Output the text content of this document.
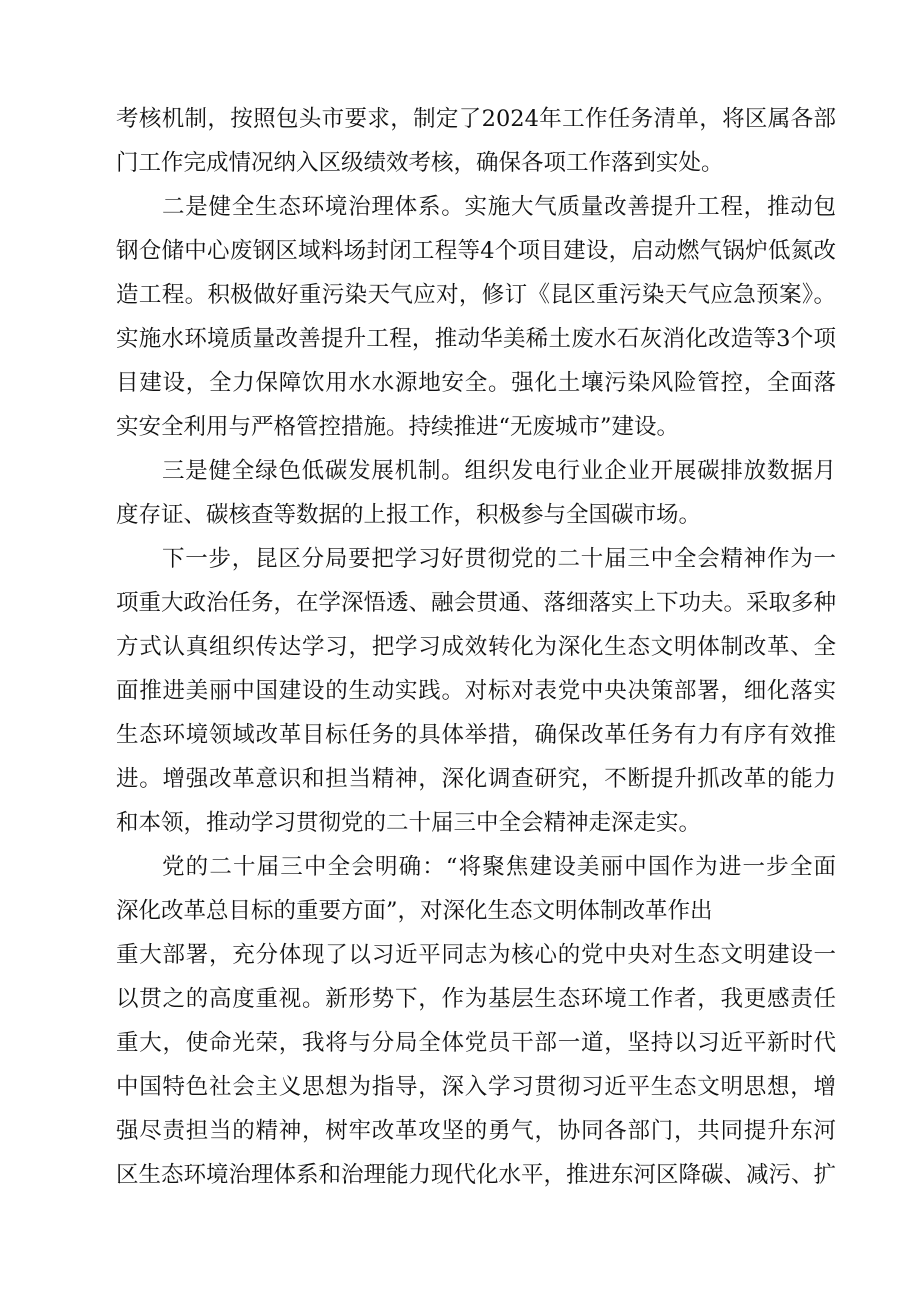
考核机制，按照包头市要求，制定了2024年工作任务清单，将区属各部
门工作完成情况纳入区级绩效考核，确保各项工作落到实处。
二是健全生态环境治理体系。实施大气质量改善提升工程，推动包
钢仓储中心废钢区域料场封闭工程等4个项目建设，启动燃气锅炉低氮改
造工程。积极做好重污染天气应对，修订《昆区重污染天气应急预案》。
实施水环境质量改善提升工程，推动华美稀土废水石灰消化改造等3个项
目建设，全力保障饮用水水源地安全。强化土壤污染风险管控，全面落
实安全利用与严格管控措施。持续推进“无废城市”建设。
三是健全绿色低碳发展机制。组织发电行业企业开展碳排放数据月
度存证、碳核查等数据的上报工作，积极参与全国碳市场。
下一步，昆区分局要把学习好贯彻党的二十届三中全会精神作为一
项重大政治任务，在学深悟透、融会贯通、落细落实上下功夫。采取多种
方式认真组织传达学习，把学习成效转化为深化生态文明体制改革、全
面推进美丽中国建设的生动实践。对标对表党中央决策部署，细化落实
生态环境领域改革目标任务的具体举措，确保改革任务有力有序有效推
进。增强改革意识和担当精神，深化调查研究，不断提升抓改革的能力
和本领，推动学习贯彻党的二十届三中全会精神走深走实。
党的二十届三中全会明确：“将聚焦建设美丽中国作为进一步全面
深化改革总目标的重要方面”，对深化生态文明体制改革作出
重大部署，充分体现了以习近平同志为核心的党中央对生态文明建设一
以贯之的高度重视。新形势下，作为基层生态环境工作者，我更感责任
重大，使命光荣，我将与分局全体党员干部一道，坚持以习近平新时代
中国特色社会主义思想为指导，深入学习贯彻习近平生态文明思想，增
强尽责担当的精神，树牢改革攻坚的勇气，协同各部门，共同提升东河
区生态环境治理体系和治理能力现代化水平，推进东河区降碳、减污、扩
